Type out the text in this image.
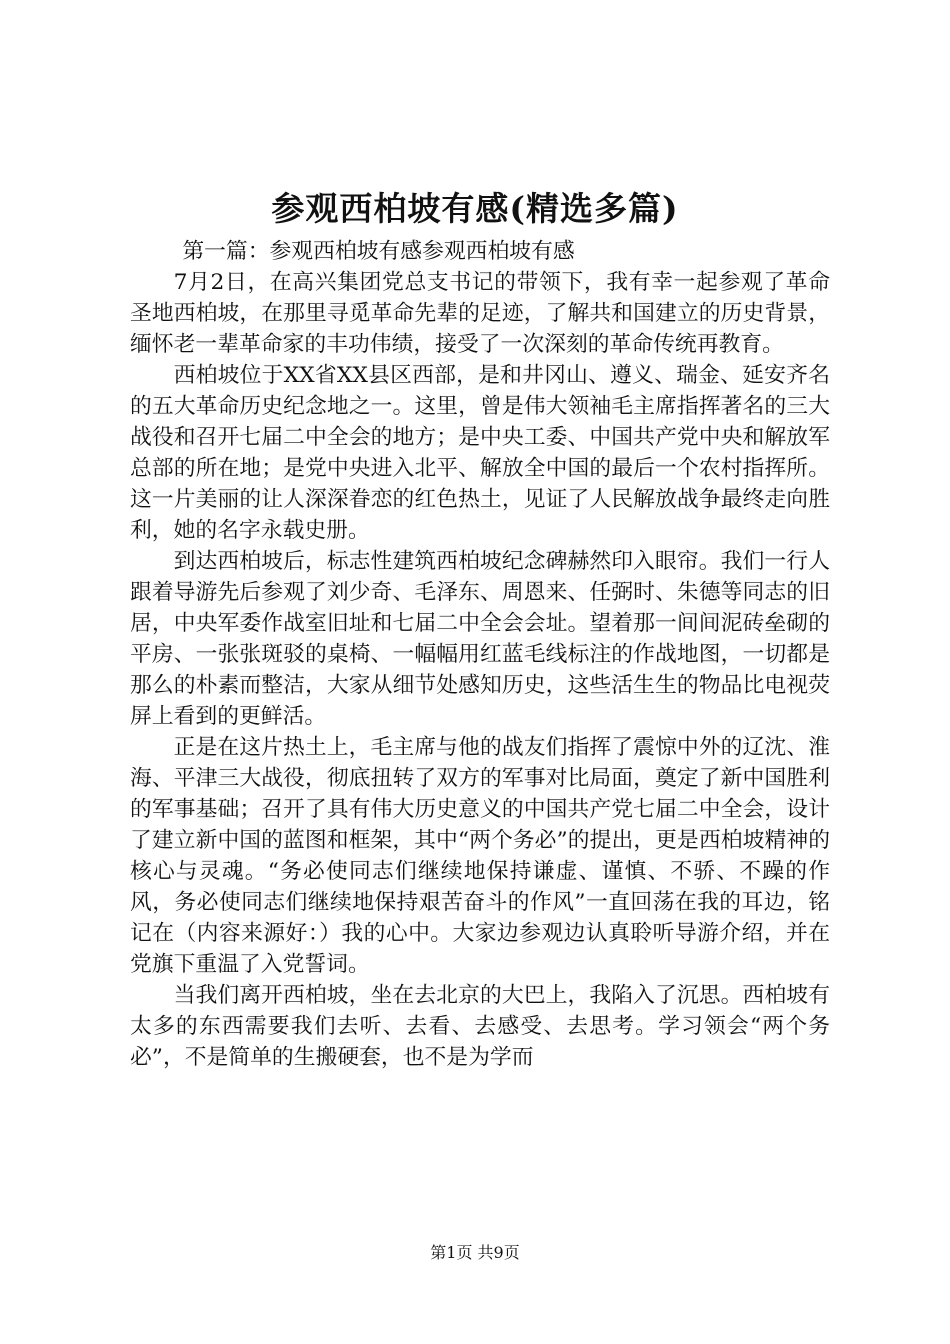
参观西柏坡有感(精选多篇)

第一篇：参观西柏坡有感参观西柏坡有感

7月2日，在高兴集团党总支书记的带领下，我有幸一起参观了革命圣地西柏坡，在那里寻觅革命先辈的足迹，了解共和国建立的历史背景，缅怀老一辈革命家的丰功伟绩，接受了一次深刻的革命传统再教育。

西柏坡位于XX省XX县区西部，是和井冈山、遵义、瑞金、延安齐名的五大革命历史纪念地之一。这里，曾是伟大领袖毛主席指挥著名的三大战役和召开七届二中全会的地方；是中央工委、中国共产党中央和解放军总部的所在地；是党中央进入北平、解放全中国的最后一个农村指挥所。这一片美丽的让人深深眷恋的红色热土，见证了人民解放战争最终走向胜利，她的名字永载史册。

到达西柏坡后，标志性建筑西柏坡纪念碑赫然印入眼帘。我们一行人跟着导游先后参观了刘少奇、毛泽东、周恩来、任弼时、朱德等同志的旧居，中央军委作战室旧址和七届二中全会会址。望着那一间间泥砖垒砌的平房、一张张斑驳的桌椅、一幅幅用红蓝毛线标注的作战地图，一切都是那么的朴素而整洁，大家从细节处感知历史，这些活生生的物品比电视荧屏上看到的更鲜活。

正是在这片热土上，毛主席与他的战友们指挥了震惊中外的辽沈、淮海、平津三大战役，彻底扭转了双方的军事对比局面，奠定了新中国胜利的军事基础；召开了具有伟大历史意义的中国共产党七届二中全会，设计了建立新中国的蓝图和框架，其中“两个务必”的提出，更是西柏坡精神的核心与灵魂。“务必使同志们继续地保持谦虚、谨慎、不骄、不躁的作风，务必使同志们继续地保持艰苦奋斗的作风”一直回荡在我的耳边，铭记在（内容来源好：）我的心中。大家边参观边认真聆听导游介绍，并在党旗下重温了入党誓词。

当我们离开西柏坡，坐在去北京的大巴上，我陷入了沉思。西柏坡有太多的东西需要我们去听、去看、去感受、去思考。学习领会“两个务必”，不是简单的生搬硬套，也不是为学而

第1页 共9页
